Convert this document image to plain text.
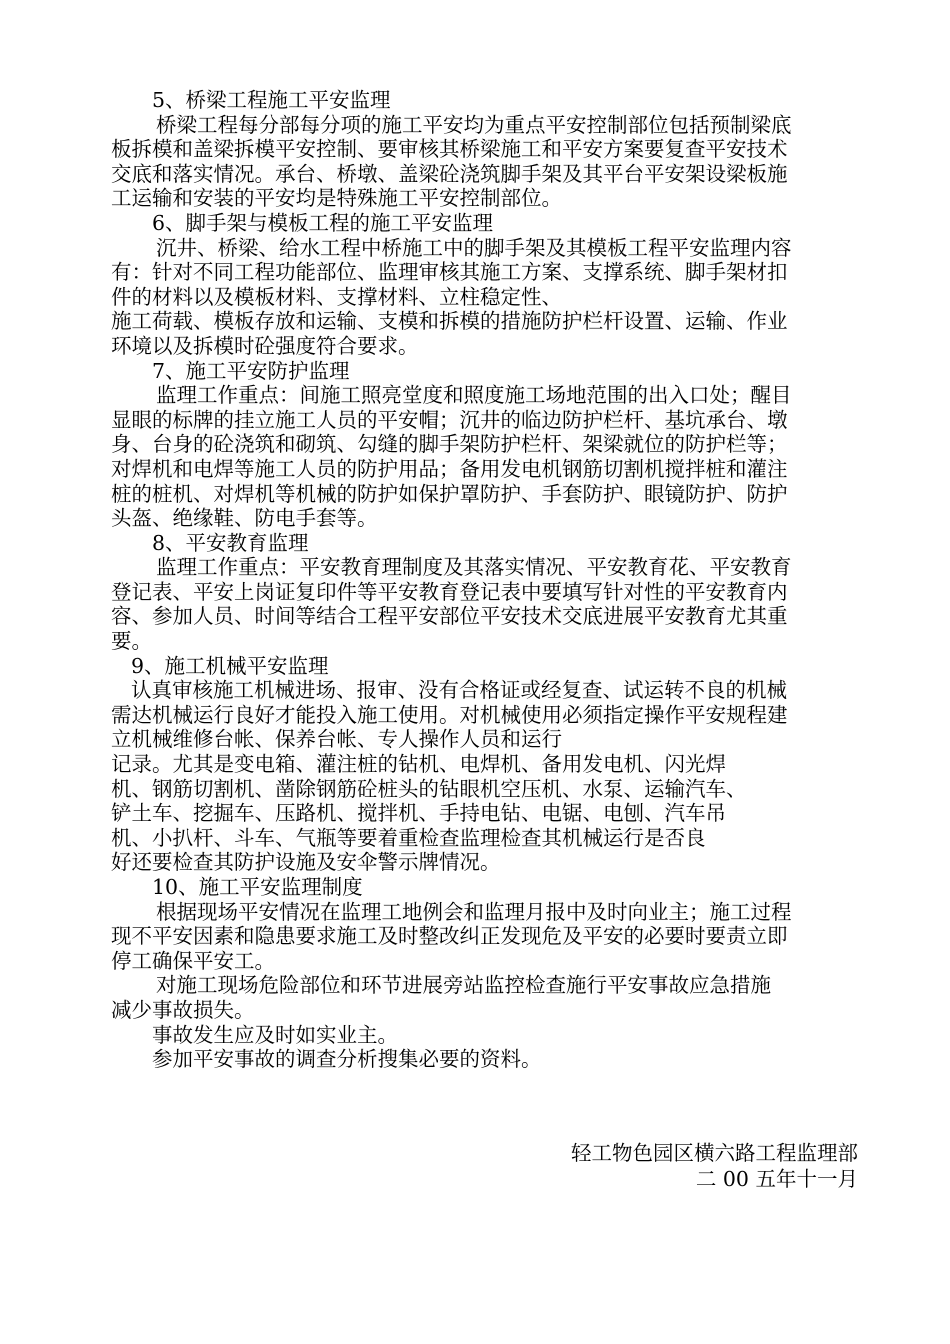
5、桥梁工程施工平安监理
桥梁工程每分部每分项的施工平安均为重点平安控制部位包括预制梁底
板拆模和盖梁拆模平安控制、要审核其桥梁施工和平安方案要复查平安技术
交底和落实情况。承台、桥墩、盖梁砼浇筑脚手架及其平台平安架设梁板施
工运输和安装的平安均是特殊施工平安控制部位。
6、脚手架与模板工程的施工平安监理
沉井、桥梁、给水工程中桥施工中的脚手架及其模板工程平安监理内容
有：针对不同工程功能部位、监理审核其施工方案、支撑系统、脚手架材扣
件的材料以及模板材料、支撑材料、立柱稳定性、
施工荷载、模板存放和运输、支模和拆模的措施防护栏杆设置、运输、作业
环境以及拆模时砼强度符合要求。
7、施工平安防护监理
监理工作重点：间施工照亮堂度和照度施工场地范围的出入口处；醒目
显眼的标牌的挂立施工人员的平安帽；沉井的临边防护栏杆、基坑承台、墩
身、台身的砼浇筑和砌筑、勾缝的脚手架防护栏杆、架梁就位的防护栏等；
对焊机和电焊等施工人员的防护用品；备用发电机钢筋切割机搅拌桩和灌注
桩的桩机、对焊机等机械的防护如保护罩防护、手套防护、眼镜防护、防护
头盔、绝缘鞋、防电手套等。
8、平安教育监理
监理工作重点：平安教育理制度及其落实情况、平安教育花、平安教育
登记表、平安上岗证复印件等平安教育登记表中要填写针对性的平安教育内
容、参加人员、时间等结合工程平安部位平安技术交底进展平安教育尤其重
要。
9、施工机械平安监理
认真审核施工机械进场、报审、没有合格证或经复查、试运转不良的机械
需达机械运行良好才能投入施工使用。对机械使用必须指定操作平安规程建
立机械维修台帐、保养台帐、专人操作人员和运行
记录。尤其是变电箱、灌注桩的钻机、电焊机、备用发电机、闪光焊
机、钢筋切割机、凿除钢筋砼桩头的钻眼机空压机、水泵、运输汽车、
铲土车、挖掘车、压路机、搅拌机、手持电钻、电锯、电刨、汽车吊
机、小扒杆、斗车、气瓶等要着重检查监理检查其机械运行是否良
好还要检查其防护设施及安伞警示牌情况。
10、施工平安监理制度
根据现场平安情况在监理工地例会和监理月报中及时向业主；施工过程
现不平安因素和隐患要求施工及时整改纠正发现危及平安的必要时要责立即
停工确保平安工。
对施工现场危险部位和环节进展旁站监控检查施行平安事故应急措施
减少事故损失。
事故发生应及时如实业主。
参加平安事故的调查分析搜集必要的资料。
轻工物色园区横六路工程监理部
二 00 五年十一月
